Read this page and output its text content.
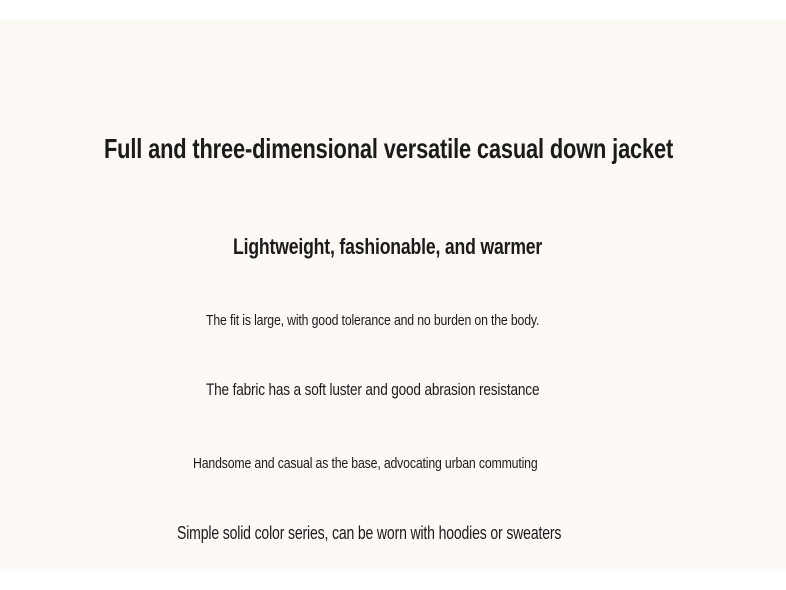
Full and three-dimensional versatile casual down jacket
Lightweight, fashionable, and warmer

The fit is large, with good tolerance and no burden on the body.

The fabric has a soft luster and good abrasion resistance

Handsome and casual as the base, advocating urban commuting

Simple solid color series, can be worn with hoodies or sweaters
